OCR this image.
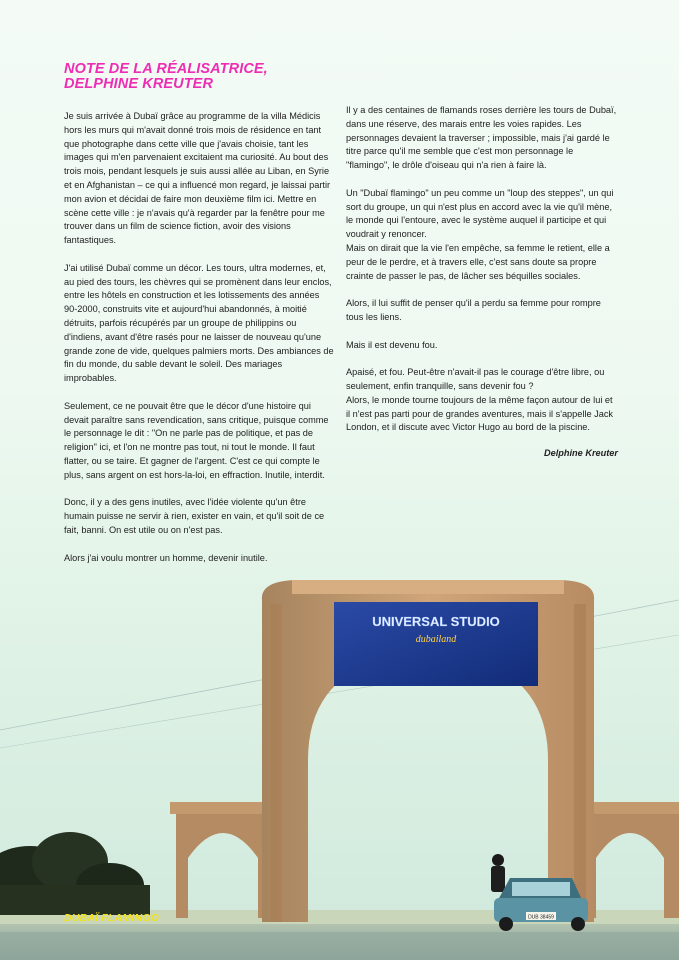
NOTE DE LA RÉALISATRICE,
DELPHINE KREUTER

Je suis arrivée à Dubaï grâce au programme de la villa Médicis hors les murs qui m'avait donné trois mois de résidence en tant que photographe dans cette ville que j'avais choisie, tant les images qui m'en parvenaient excitaient ma curiosité. Au bout des trois mois, pendant lesquels je suis aussi allée au Liban, en Syrie et en Afghanistan – ce qui a influencé mon regard, je laissai partir mon avion et décidai de faire mon deuxième film ici. Mettre en scène cette ville : je n'avais qu'à regarder par la fenêtre pour me trouver dans un film de science fiction, avoir des visions fantastiques.

J'ai utilisé Dubaï comme un décor. Les tours, ultra modernes, et, au pied des tours, les chèvres qui se promènent dans leur enclos, entre les hôtels en construction et les lotissements des années 90-2000, construits vite et aujourd'hui abandonnés, à moitié détruits, parfois récupérés par un groupe de philippins ou d'indiens, avant d'être rasés pour ne laisser de nouveau qu'une grande zone de vide, quelques palmiers morts. Des ambiances de fin du monde, du sable devant le soleil. Des mariages improbables.

Seulement, ce ne pouvait être que le décor d'une histoire qui devait paraître sans revendication, sans critique, puisque comme le personnage le dit : "On ne parle pas de politique, et pas de religion" ici, et l'on ne montre pas tout, ni tout le monde. Il faut flatter, ou se taire. Et gagner de l'argent. C'est ce qui compte le plus, sans argent on est hors-la-loi, en effraction. Inutile, interdit.

Donc, il y a des gens inutiles, avec l'idée violente qu'un être humain puisse ne servir à rien, exister en vain, et qu'il soit de ce fait, banni. On est utile ou on n'est pas.

Alors j'ai voulu montrer un homme, devenir inutile.

Il y a des centaines de flamands roses derrière les tours de Dubaï, dans une réserve, des marais entre les voies rapides. Les personnages devaient la traverser ; impossible, mais j'ai gardé le titre parce qu'il me semble que c'est mon personnage le "flamingo", le drôle d'oiseau qui n'a rien à faire là.

Un "Dubaï flamingo" un peu comme un "loup des steppes", un qui sort du groupe, un qui n'est plus en accord avec la vie qu'il mène, le monde qui l'entoure, avec le système auquel il participe et qui voudrait y renoncer.
Mais on dirait que la vie l'en empêche, sa femme le retient, elle a peur de le perdre, et à travers elle, c'est sans doute sa propre crainte de passer le pas, de lâcher ses béquilles sociales.

Alors, il lui suffit de penser qu'il a perdu sa femme pour rompre tous les liens.

Mais il est devenu fou.

Apaisé, et fou. Peut-être n'avait-il pas le courage d'être libre, ou seulement, enfin tranquille, sans devenir fou ?
Alors, le monde tourne toujours de la même façon autour de lui et il n'est pas parti pour de grandes aventures, mais il s'appelle Jack London, et il discute avec Victor Hugo au bord de la piscine.

Delphine Kreuter
UNIVERSAL STUDIO
dubailand
DUB 38459
DUBAÏ FLAMINGO
